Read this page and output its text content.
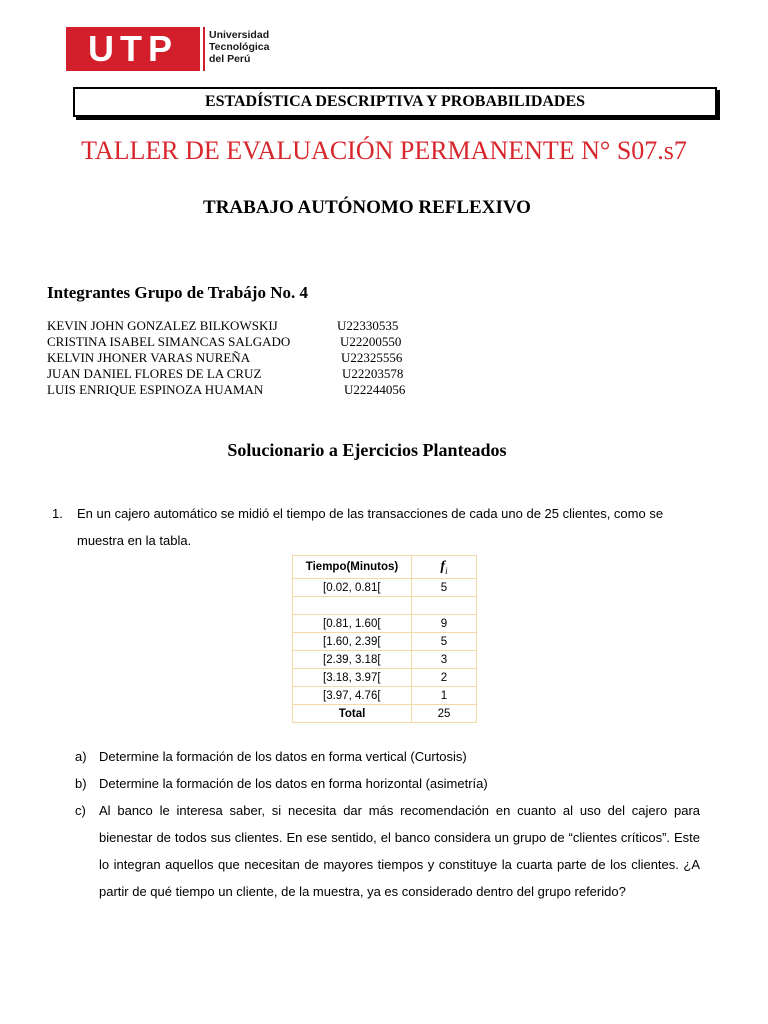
UTP	Universidad
Tecnológica
del Perú
ESTADÍSTICA DESCRIPTIVA Y PROBABILIDADES
TALLER DE EVALUACIÓN PERMANENTE N° S07.s7
TRABAJO AUTÓNOMO REFLEXIVO
Integrantes Grupo de Trabájo No. 4
KEVIN JOHN GONZALEZ BILKOWSKIJ	U22330535
CRISTINA ISABEL SIMANCAS SALGADO	U22200550
KELVIN JHONER VARAS NUREÑA	U22325556
JUAN DANIEL FLORES DE LA CRUZ	U22203578
LUIS ENRIQUE ESPINOZA HUAMAN	U22244056
Solucionario a Ejercicios Planteados
1. En un cajero automático se midió el tiempo de las transacciones de cada uno de 25 clientes, como se muestra en la tabla.
Tiempo(Minutos)	$f_i$
[0.02, 0.81[	5

[0.81, 1.60[	9
[1.60, 2.39[	5
[2.39, 3.18[	3
[3.18, 3.97[	2
[3.97, 4.76[	1
Total	25
a) Determine la formación de los datos en forma vertical (Curtosis)
b) Determine la formación de los datos en forma horizontal (asimetría)
c) Al banco le interesa saber, si necesita dar más recomendación en cuanto al uso del cajero para bienestar de todos sus clientes. En ese sentido, el banco considera un grupo de “clientes críticos”. Este lo integran aquellos que necesitan de mayores tiempos y constituye la cuarta parte de los clientes. ¿A partir de qué tiempo un cliente, de la muestra, ya es considerado dentro del grupo referido?
